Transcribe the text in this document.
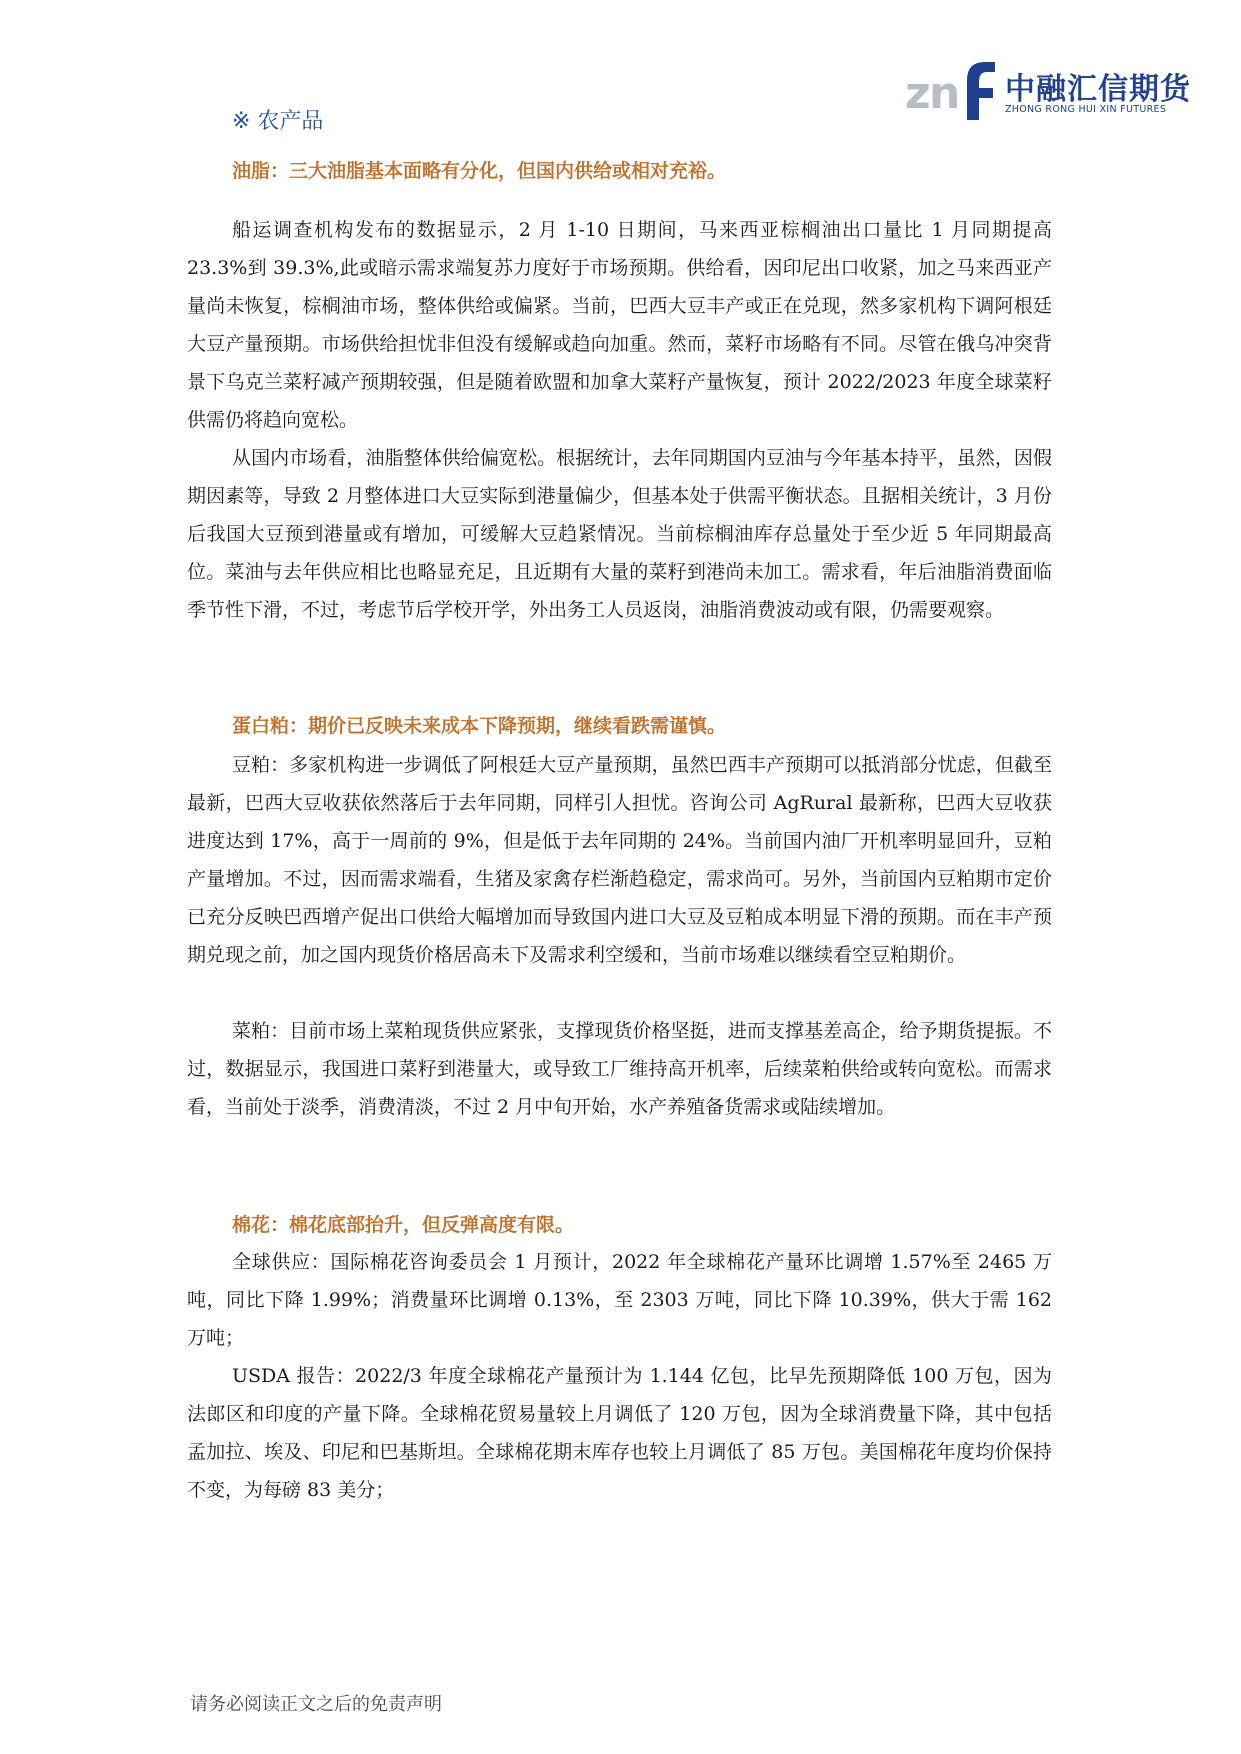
z
n 中融汇信期货
ZHONG RONG HUI XIN FUTURES
※ 农产品
油脂：三大油脂基本面略有分化，但国内供给或相对充裕。

船运调查机构发布的数据显示，2 月 1-10 日期间，马来西亚棕榈油出口量比 1 月同期提高 23.3%到 39.3%,此或暗示需求端复苏力度好于市场预期。供给看，因印尼出口收紧，加之马来西亚产量尚未恢复，棕榈油市场，整体供给或偏紧。当前，巴西大豆丰产或正在兑现，然多家机构下调阿根廷大豆产量预期。市场供给担忧非但没有缓解或趋向加重。然而，菜籽市场略有不同。尽管在俄乌冲突背景下乌克兰菜籽减产预期较强，但是随着欧盟和加拿大菜籽产量恢复，预计 2022/2023 年度全球菜籽供需仍将趋向宽松。

从国内市场看，油脂整体供给偏宽松。根据统计，去年同期国内豆油与今年基本持平，虽然，因假期因素等，导致 2 月整体进口大豆实际到港量偏少，但基本处于供需平衡状态。且据相关统计，3 月份后我国大豆预到港量或有增加，可缓解大豆趋紧情况。当前棕榈油库存总量处于至少近 5 年同期最高位。菜油与去年供应相比也略显充足，且近期有大量的菜籽到港尚未加工。需求看，年后油脂消费面临季节性下滑，不过，考虑节后学校开学，外出务工人员返岗，油脂消费波动或有限，仍需要观察。

蛋白粕：期价已反映未来成本下降预期，继续看跌需谨慎。

豆粕：多家机构进一步调低了阿根廷大豆产量预期，虽然巴西丰产预期可以抵消部分忧虑，但截至最新，巴西大豆收获依然落后于去年同期，同样引人担忧。咨询公司 AgRural 最新称，巴西大豆收获进度达到 17%，高于一周前的 9%，但是低于去年同期的 24%。当前国内油厂开机率明显回升，豆粕产量增加。不过，因而需求端看，生猪及家禽存栏渐趋稳定，需求尚可。另外，当前国内豆粕期市定价已充分反映巴西增产促出口供给大幅增加而导致国内进口大豆及豆粕成本明显下滑的预期。而在丰产预期兑现之前，加之国内现货价格居高未下及需求利空缓和，当前市场难以继续看空豆粕期价。

菜粕：目前市场上菜粕现货供应紧张，支撑现货价格坚挺，进而支撑基差高企，给予期货提振。不过，数据显示，我国进口菜籽到港量大，或导致工厂维持高开机率，后续菜粕供给或转向宽松。而需求看，当前处于淡季，消费清淡，不过 2 月中旬开始，水产养殖备货需求或陆续增加。

棉花：棉花底部抬升，但反弹高度有限。

全球供应：国际棉花咨询委员会 1 月预计，2022 年全球棉花产量环比调增 1.57%至 2465 万吨，同比下降 1.99%；消费量环比调增 0.13%，至 2303 万吨，同比下降 10.39%，供大于需 162 万吨；

USDA 报告：2022/3 年度全球棉花产量预计为 1.144 亿包，比早先预期降低 100 万包，因为法郎区和印度的产量下降。全球棉花贸易量较上月调低了 120 万包，因为全球消费量下降，其中包括孟加拉、埃及、印尼和巴基斯坦。全球棉花期末库存也较上月调低了 85 万包。美国棉花年度均价保持不变，为每磅 83 美分；

请务必阅读正文之后的免责声明
